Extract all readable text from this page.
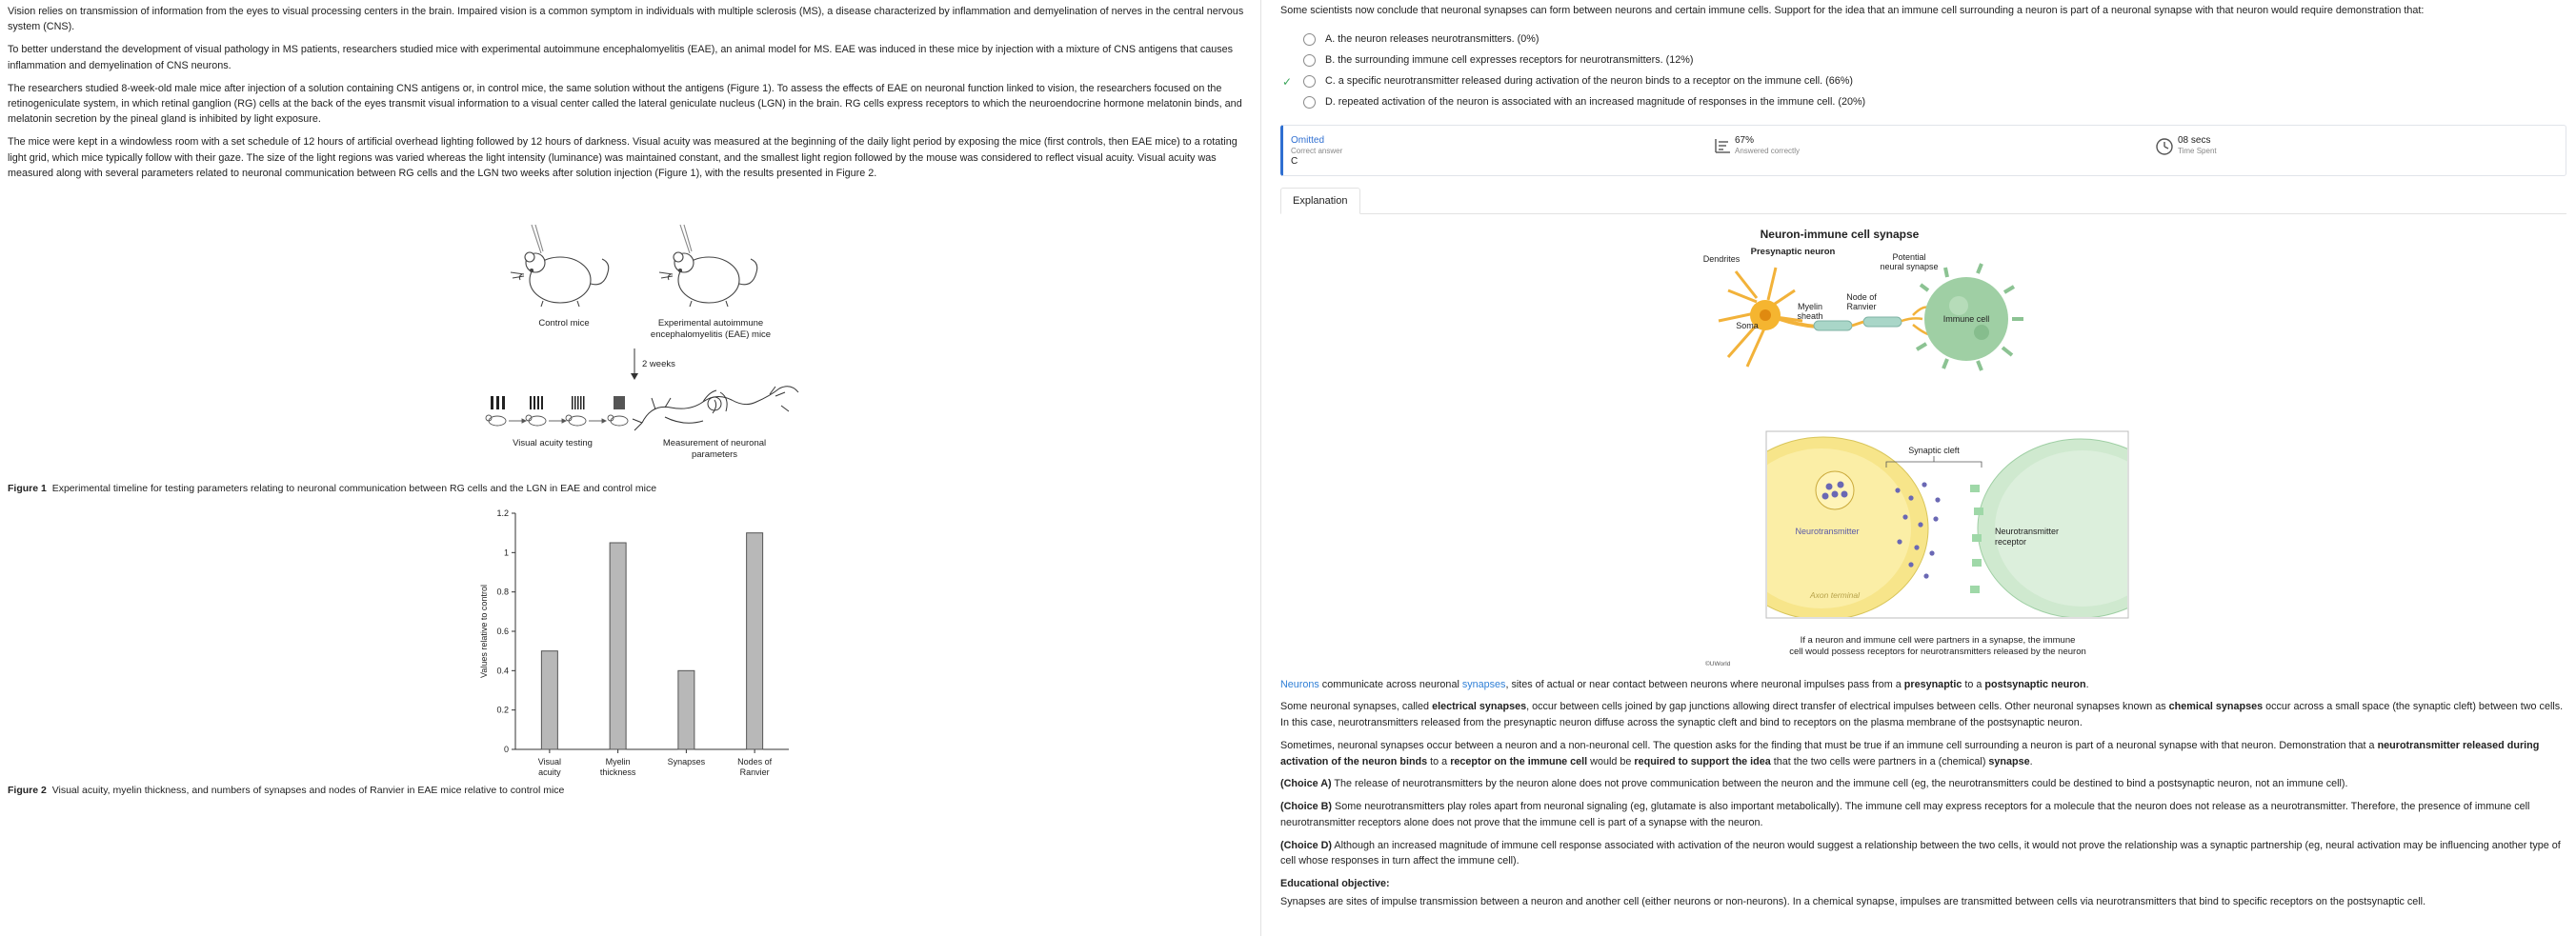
Vision relies on transmission of information from the eyes to visual processing centers in the brain. Impaired vision is a common symptom in individuals with multiple sclerosis (MS), a disease characterized by inflammation and demyelination of nerves in the central nervous system (CNS).

To better understand the development of visual pathology in MS patients, researchers studied mice with experimental autoimmune encephalomyelitis (EAE), an animal model for MS. EAE was induced in these mice by injection with a mixture of CNS antigens that causes inflammation and demyelination of CNS neurons.

The researchers studied 8-week-old male mice after injection of a solution containing CNS antigens or, in control mice, the same solution without the antigens (Figure 1). To assess the effects of EAE on neuronal function linked to vision, the researchers focused on the retinogeniculate system, in which retinal ganglion (RG) cells at the back of the eyes transmit visual information to a visual center called the lateral geniculate nucleus (LGN) in the brain. RG cells express receptors to which the neuroendocrine hormone melatonin binds, and melatonin secretion by the pineal gland is inhibited by light exposure.

The mice were kept in a windowless room with a set schedule of 12 hours of artificial overhead lighting followed by 12 hours of darkness. Visual acuity was measured at the beginning of the daily light period by exposing the mice (first controls, then EAE mice) to a rotating light grid, which mice typically follow with their gaze. The size of the light regions was varied whereas the light intensity (luminance) was maintained constant, and the smallest light region followed by the mouse was considered to reflect visual acuity. Visual acuity was measured along with several parameters related to neuronal communication between RG cells and the LGN two weeks after solution injection (Figure 1), with the results presented in Figure 2.

Control mice	Experimental autoimmune
encephalomyelitis (EAE) mice
2 weeks
Visual acuity testing	Measurement of neuronal
parameters

Figure 1 Experimental timeline for testing parameters relating to neuronal communication between RG cells and the LGN in EAE and control mice

0
0.2
0.4
0.6
0.8
1
1.2
Values relative to control
Visual
acuity
Myelin
thickness
Synapses	Nodes of
Ranvier

Figure 2 Visual acuity, myelin thickness, and numbers of synapses and nodes of Ranvier in EAE mice relative to control mice

Some scientists now conclude that neuronal synapses can form between neurons and certain immune cells. Support for the idea that an immune cell surrounding a neuron is part of a neuronal synapse with that neuron would require demonstration that:

A. the neuron releases neurotransmitters. (0%)
B. the surrounding immune cell expresses receptors for neurotransmitters. (12%)
✓	C. a specific neurotransmitter released during activation of the neuron binds to a receptor on the immune cell. (66%)
D. repeated activation of the neuron is associated with an increased magnitude of responses in the immune cell. (20%)
Omitted
Correct answer
C
67%
Answered correctly
08 secs
Time Spent
Explanation
Neuron-immune cell synapse
Presynaptic neuron
Dendrites
Soma
Myelin
sheath
Node of
Ranvier
Potential
neural synapse
Immune cell
Synaptic cleft
Neurotransmitter	Neurotransmitter
receptor
Axon terminal
If a neuron and immune cell were partners in a synapse, the immune
cell would possess receptors for neurotransmitters released by the neuron
©UWorld

Neurons communicate across neuronal synapses, sites of actual or near contact between neurons where neuronal impulses pass from a presynaptic to a postsynaptic neuron.

Some neuronal synapses, called electrical synapses, occur between cells joined by gap junctions allowing direct transfer of electrical impulses between cells. Other neuronal synapses known as chemical synapses occur across a small space (the synaptic cleft) between two cells. In this case, neurotransmitters released from the presynaptic neuron diffuse across the synaptic cleft and bind to receptors on the plasma membrane of the postsynaptic neuron.

Sometimes, neuronal synapses occur between a neuron and a non-neuronal cell. The question asks for the finding that must be true if an immune cell surrounding a neuron is part of a neuronal synapse with that neuron. Demonstration that a neurotransmitter released during activation of the neuron binds to a receptor on the immune cell would be required to support the idea that the two cells were partners in a (chemical) synapse.

(Choice A) The release of neurotransmitters by the neuron alone does not prove communication between the neuron and the immune cell (eg, the neurotransmitters could be destined to bind a postsynaptic neuron, not an immune cell).

(Choice B) Some neurotransmitters play roles apart from neuronal signaling (eg, glutamate is also important metabolically). The immune cell may express receptors for a molecule that the neuron does not release as a neurotransmitter. Therefore, the presence of immune cell neurotransmitter receptors alone does not prove that the immune cell is part of a synapse with the neuron.

(Choice D) Although an increased magnitude of immune cell response associated with activation of the neuron would suggest a relationship between the two cells, it would not prove the relationship was a synaptic partnership (eg, neural activation may be influencing another type of cell whose responses in turn affect the immune cell).

Educational objective:

Synapses are sites of impulse transmission between a neuron and another cell (either neurons or non-neurons). In a chemical synapse, impulses are transmitted between cells via neurotransmitters that bind to specific receptors on the postsynaptic cell.
